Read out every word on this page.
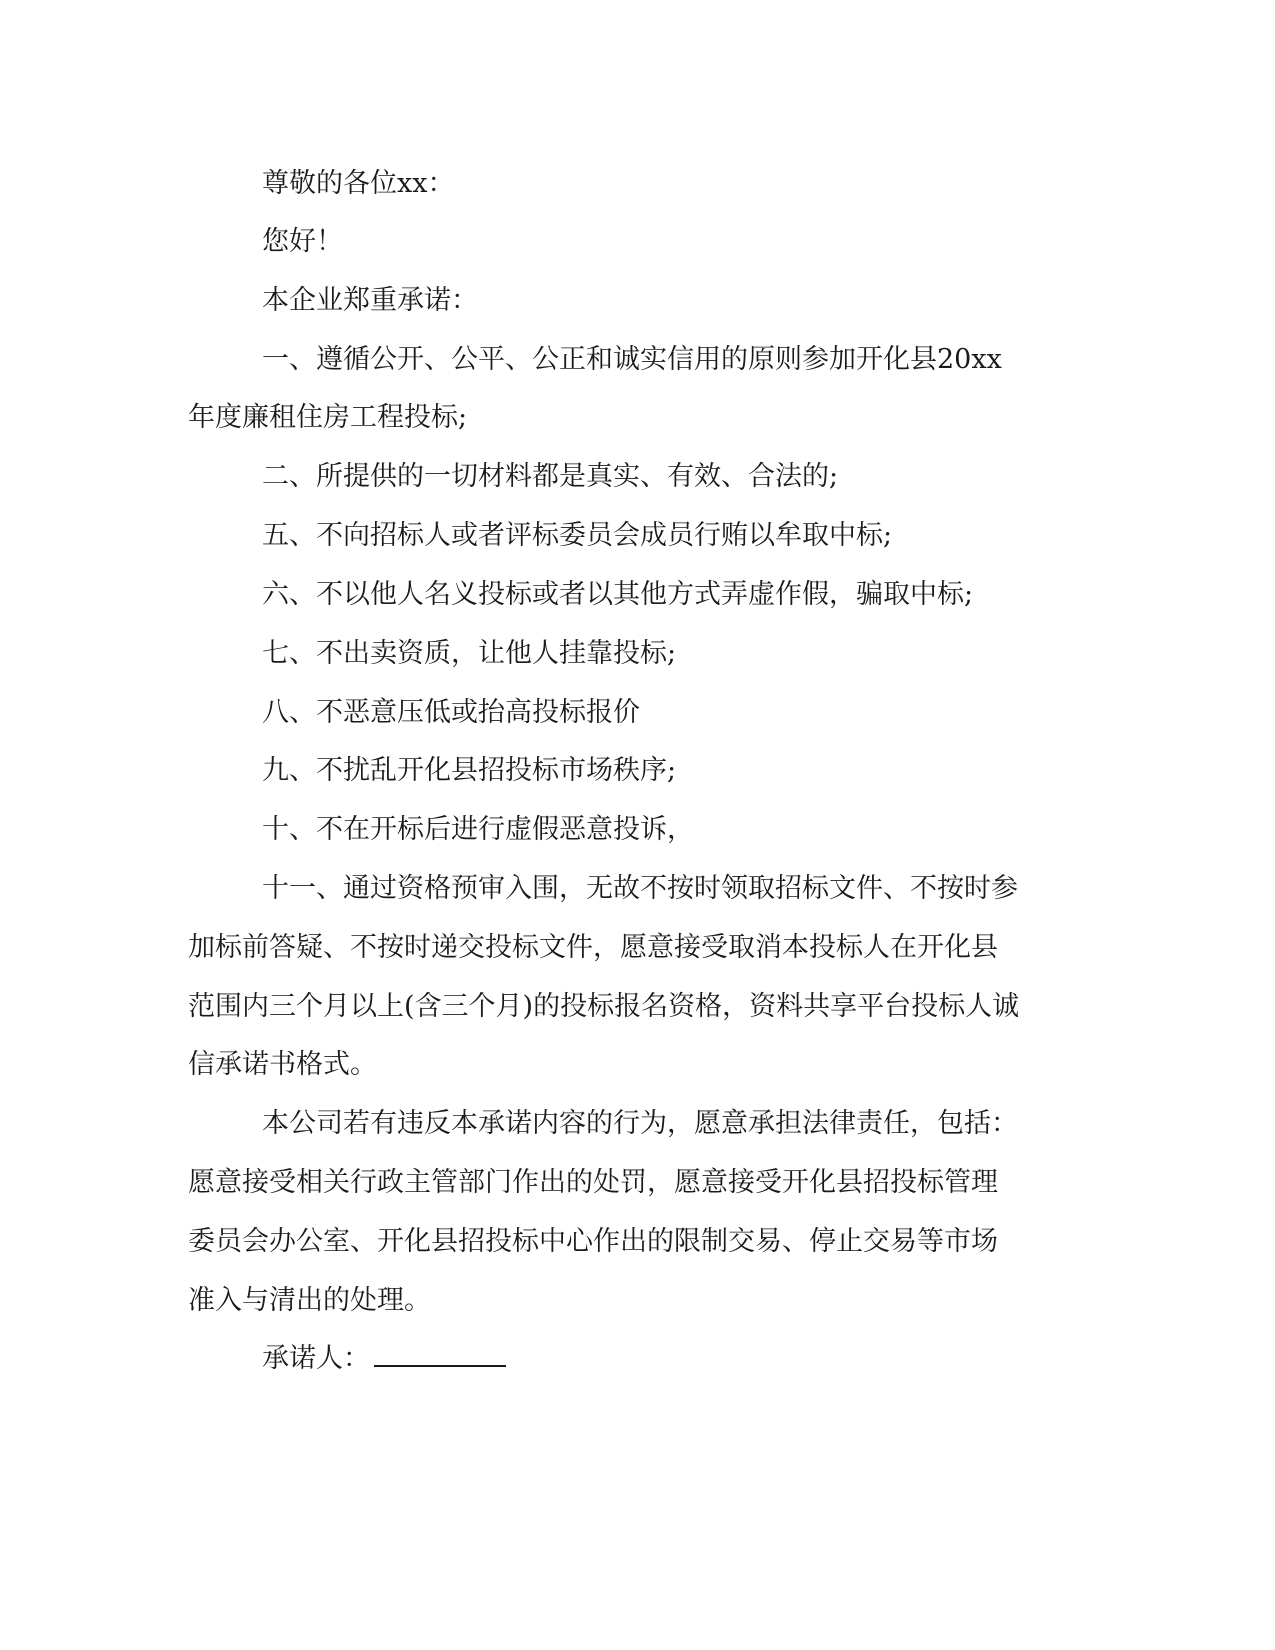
尊敬的各位xx：

您好！

本企业郑重承诺：

一、遵循公开、公平、公正和诚实信用的原则参加开化县20xx

年度廉租住房工程投标;

二、所提供的一切材料都是真实、有效、合法的;

五、不向招标人或者评标委员会成员行贿以牟取中标;

六、不以他人名义投标或者以其他方式弄虚作假，骗取中标;

七、不出卖资质，让他人挂靠投标;

八、不恶意压低或抬高投标报价

九、不扰乱开化县招投标市场秩序;

十、不在开标后进行虚假恶意投诉，

十一、通过资格预审入围，无故不按时领取招标文件、不按时参

加标前答疑、不按时递交投标文件，愿意接受取消本投标人在开化县

范围内三个月以上(含三个月)的投标报名资格，资料共享平台投标人诚

信承诺书格式。

本公司若有违反本承诺内容的行为，愿意承担法律责任，包括：

愿意接受相关行政主管部门作出的处罚，愿意接受开化县招投标管理

委员会办公室、开化县招投标中心作出的限制交易、停止交易等市场

准入与清出的处理。

承诺人：
